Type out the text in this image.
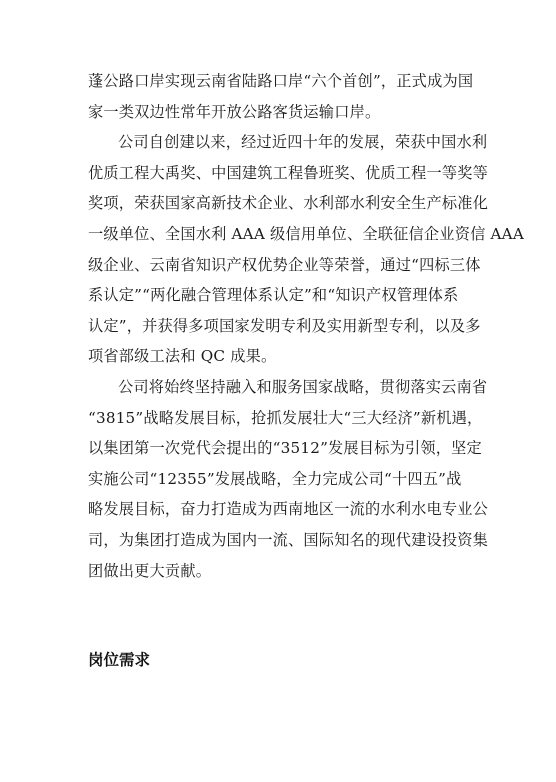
蓬公路口岸实现云南省陆路口岸“六个首创”，正式成为国
家一类双边性常年开放公路客货运输口岸。
公司自创建以来，经过近四十年的发展，荣获中国水利
优质工程大禹奖、中国建筑工程鲁班奖、优质工程一等奖等
奖项，荣获国家高新技术企业、水利部水利安全生产标准化
一级单位、全国水利 AAA 级信用单位、全联征信企业资信 AAA
级企业、云南省知识产权优势企业等荣誉，通过“四标三体
系认定”“两化融合管理体系认定”和“知识产权管理体系
认定”，并获得多项国家发明专利及实用新型专利，以及多
项省部级工法和 QC 成果。
公司将始终坚持融入和服务国家战略，贯彻落实云南省
“3815”战略发展目标，抢抓发展壮大“三大经济”新机遇，
以集团第一次党代会提出的“3512”发展目标为引领，坚定
实施公司“12355”发展战略，全力完成公司“十四五”战
略发展目标，奋力打造成为西南地区一流的水利水电专业公
司，为集团打造成为国内一流、国际知名的现代建设投资集
团做出更大贡献。
岗位需求
